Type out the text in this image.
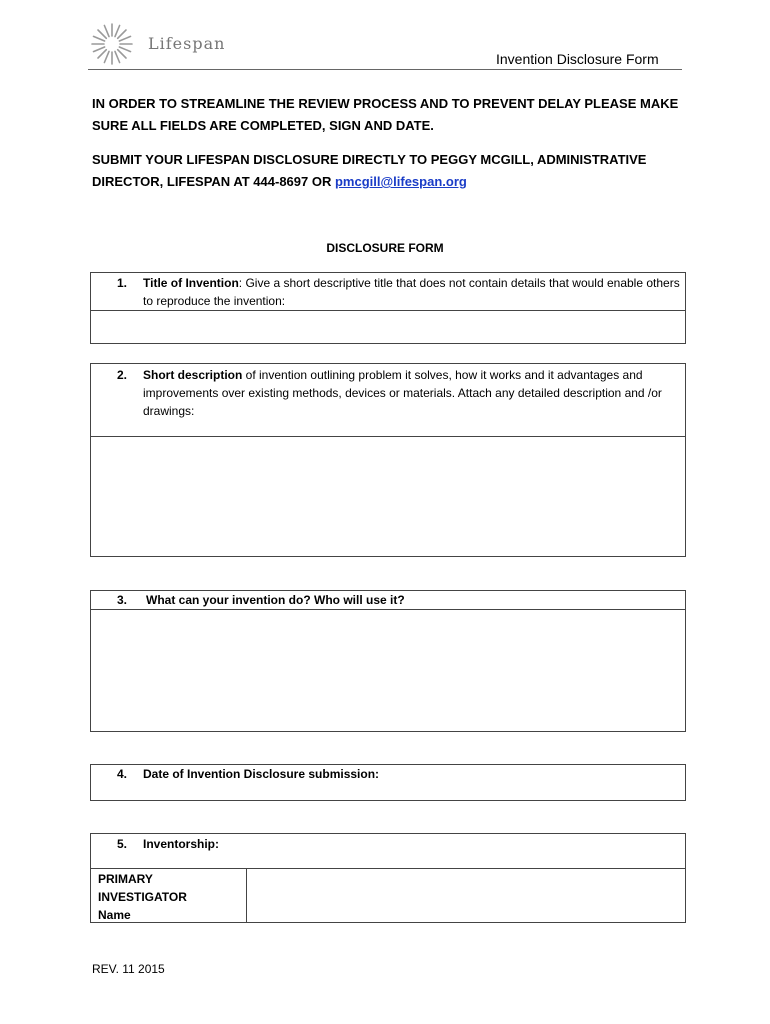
Lifespan
Invention Disclosure Form
IN ORDER TO STREAMLINE THE REVIEW PROCESS AND TO PREVENT DELAY PLEASE MAKE SURE ALL FIELDS ARE COMPLETED, SIGN AND DATE.
SUBMIT YOUR LIFESPAN DISCLOSURE DIRECTLY TO PEGGY MCGILL, ADMINISTRATIVE DIRECTOR, LIFESPAN AT 444-8697 OR pmcgill@lifespan.org
DISCLOSURE FORM
1. Title of Invention: Give a short descriptive title that does not contain details that would enable others to reproduce the invention:
2. Short description of invention outlining problem it solves, how it works and it advantages and improvements over existing methods, devices or materials. Attach any detailed description and /or drawings:
3. What can your invention do? Who will use it?
4. Date of Invention Disclosure submission:
5. Inventorship:
PRIMARY
INVESTIGATOR
Name
REV. 11 2015
